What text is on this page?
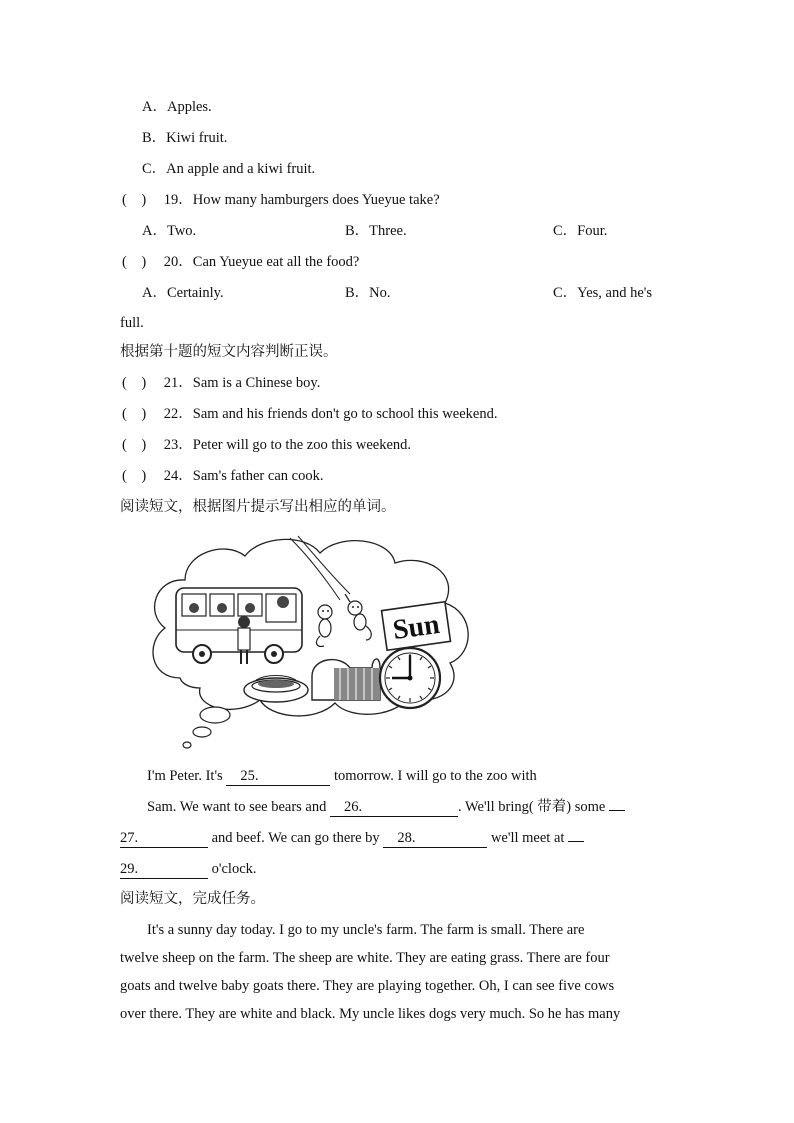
A．Apples.
B．Kiwi fruit.
C．An apple and a kiwi fruit.
(　) 19．How many hamburgers does Yueyue take?
A．Two.	B．Three.	C．Four.
(　) 20．Can Yueyue eat all the food?
A．Certainly.	B．No.	C．Yes, and he's
full.
根据第十题的短文内容判断正误。
(　) 21．Sam is a Chinese boy.
(　) 22．Sam and his friends don't go to school this weekend.
(　) 23．Peter will go to the zoo this weekend.
(　) 24．Sam's father can cook.
阅读短文，根据图片提示写出相应的单词。
Sun
I'm Peter. It's 25.	tomorrow. I will go to the zoo with
Sam. We want to see bears and 26.	. We'll bring( 带着) some
27.	and beef. We can go there by 28.	we'll meet at
29.	o'clock.
阅读短文，完成任务。
It's a sunny day today. I go to my uncle's farm. The farm is small. There are
twelve sheep on the farm. The sheep are white. They are eating grass. There are four
goats and twelve baby goats there. They are playing together. Oh, I can see five cows
over there. They are white and black. My uncle likes dogs very much. So he has many
